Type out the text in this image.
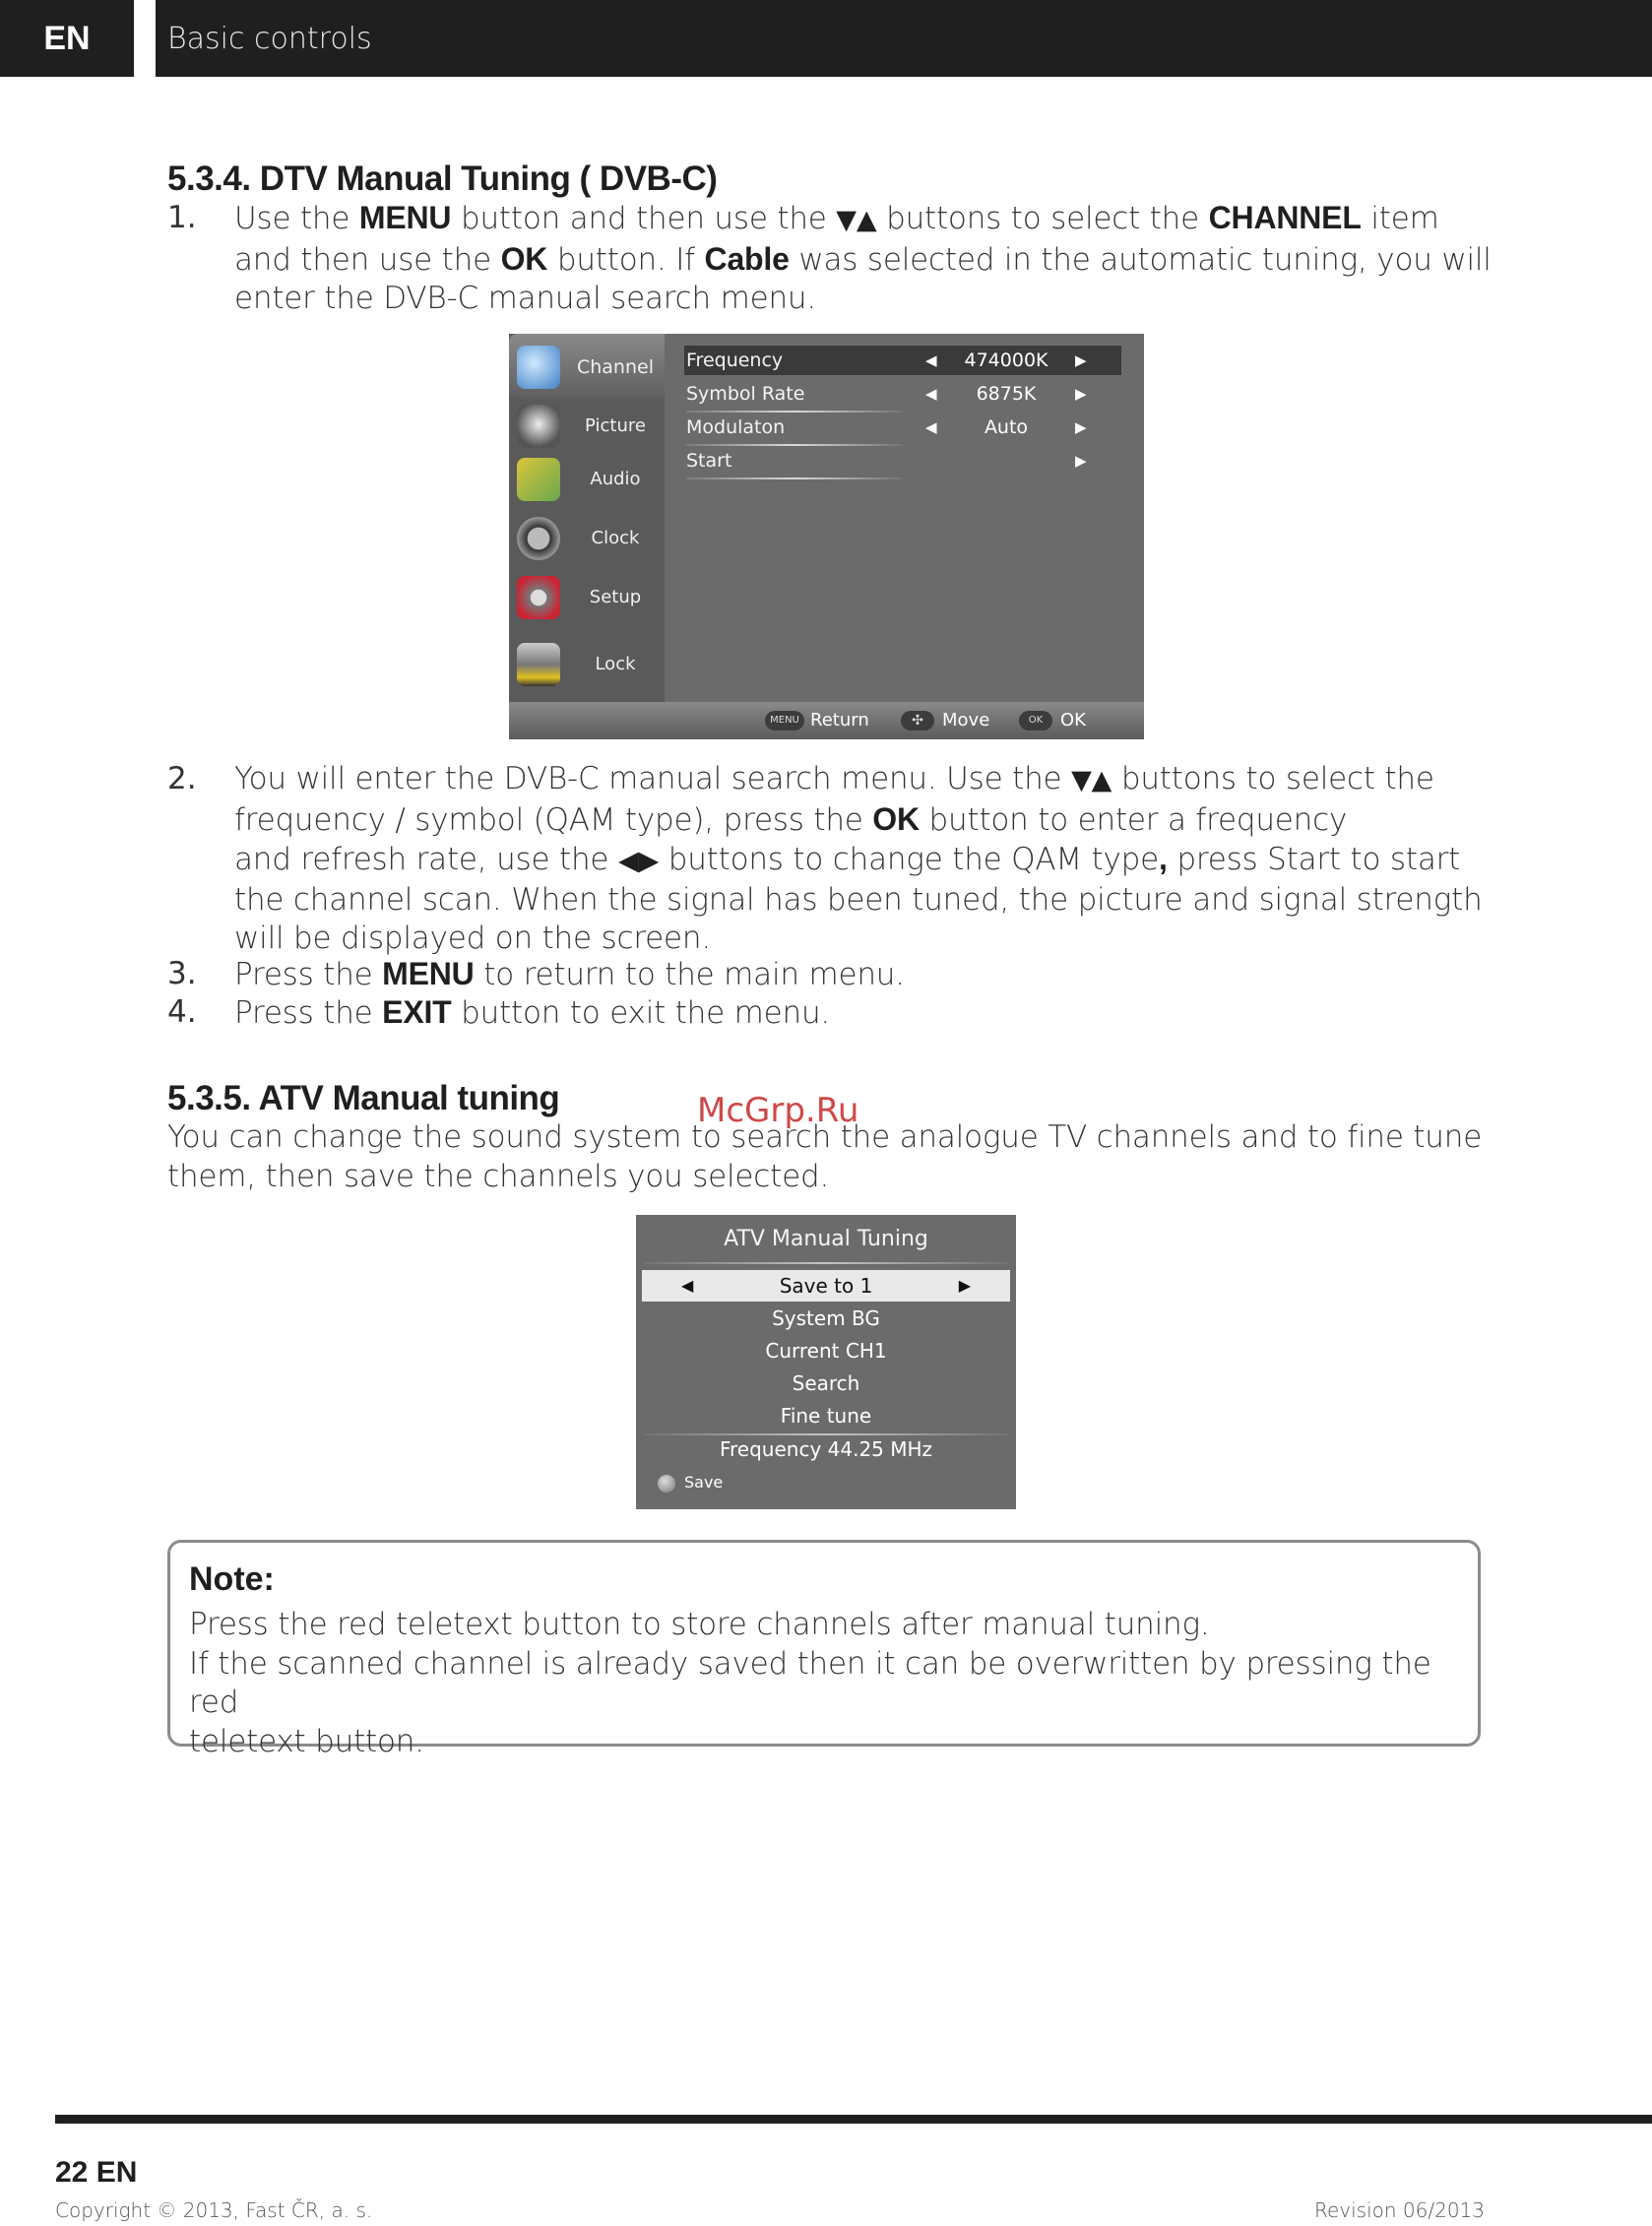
EN	Basic controls
5.3.4. DTV Manual Tuning ( DVB-C)
1. Use the MENU button and then use the ▼▲ buttons to select the CHANNEL item
and then use the OK button. If Cable was selected in the automatic tuning, you will
enter the DVB-C manual search menu.
Channel
Picture
Audio
Clock
Setup
Lock
Frequency	◀	474000K	▶
Symbol Rate	◀	6875K	▶
Modulaton	◀	Auto	▶
Start	▶
MENU Return	✣	Move	OK OK
2. You will enter the DVB-C manual search menu. Use the ▼▲ buttons to select the
frequency / symbol (QAM type), press the OK button to enter a frequency
and refresh rate, use the ◀▶ buttons to change the QAM type, press Start to start
the channel scan. When the signal has been tuned, the picture and signal strength
will be displayed on the screen.
3. Press the MENU to return to the main menu.
4. Press the EXIT button to exit the menu.
5.3.5. ATV Manual tuning
You can change the sound system to search the analogue TV channels and to fine tune
them, then save the channels you selected.
McGrp.Ru
ATV Manual Tuning
◀	Save to 1	▶
System BG
Current CH1
Search
Fine tune
Frequency 44.25 MHz
Save
Note:
Press the red teletext button to store channels after manual tuning.
If the scanned channel is already saved then it can be overwritten by pressing the red
teletext button.
22 EN
Copyright © 2013, Fast ČR, a. s.	Revision 06/2013
